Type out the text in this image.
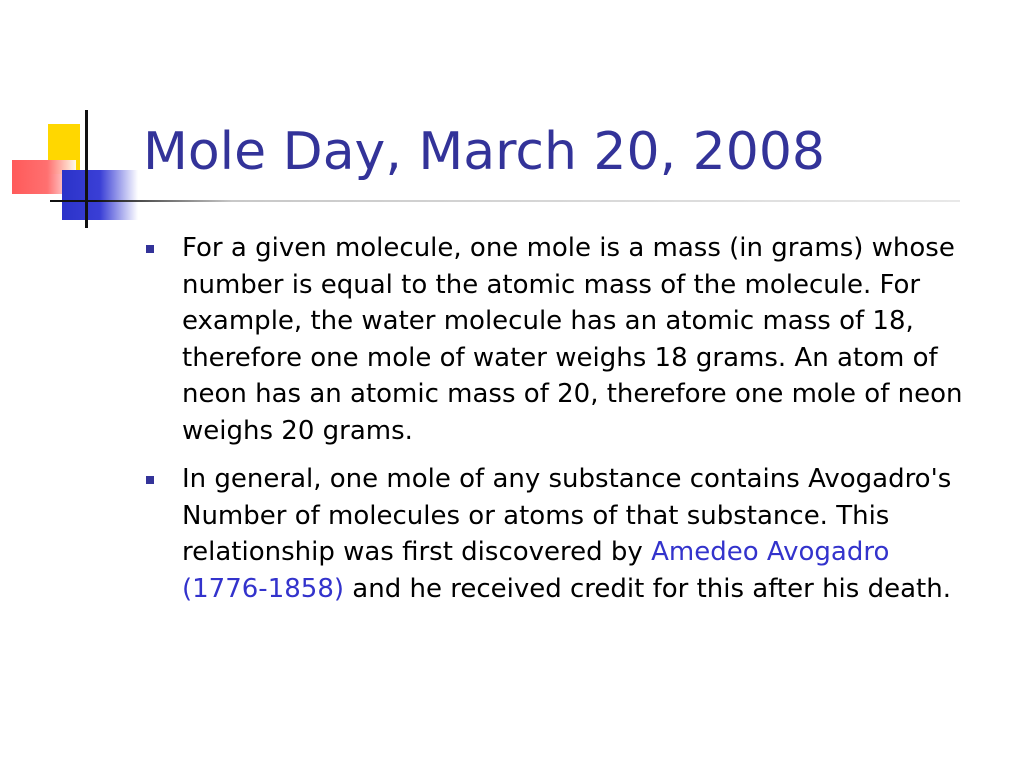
Mole Day, March 20, 2008
For a given molecule, one mole is a mass (in grams) whose number is equal to the atomic mass of the molecule. For example, the water molecule has an atomic mass of 18, therefore one mole of water weighs 18 grams. An atom of neon has an atomic mass of 20, therefore one mole of neon weighs 20 grams.
In general, one mole of any substance contains Avogadro's Number of molecules or atoms of that substance. This relationship was first discovered by Amedeo Avogadro (1776-1858) and he received credit for this after his death.
